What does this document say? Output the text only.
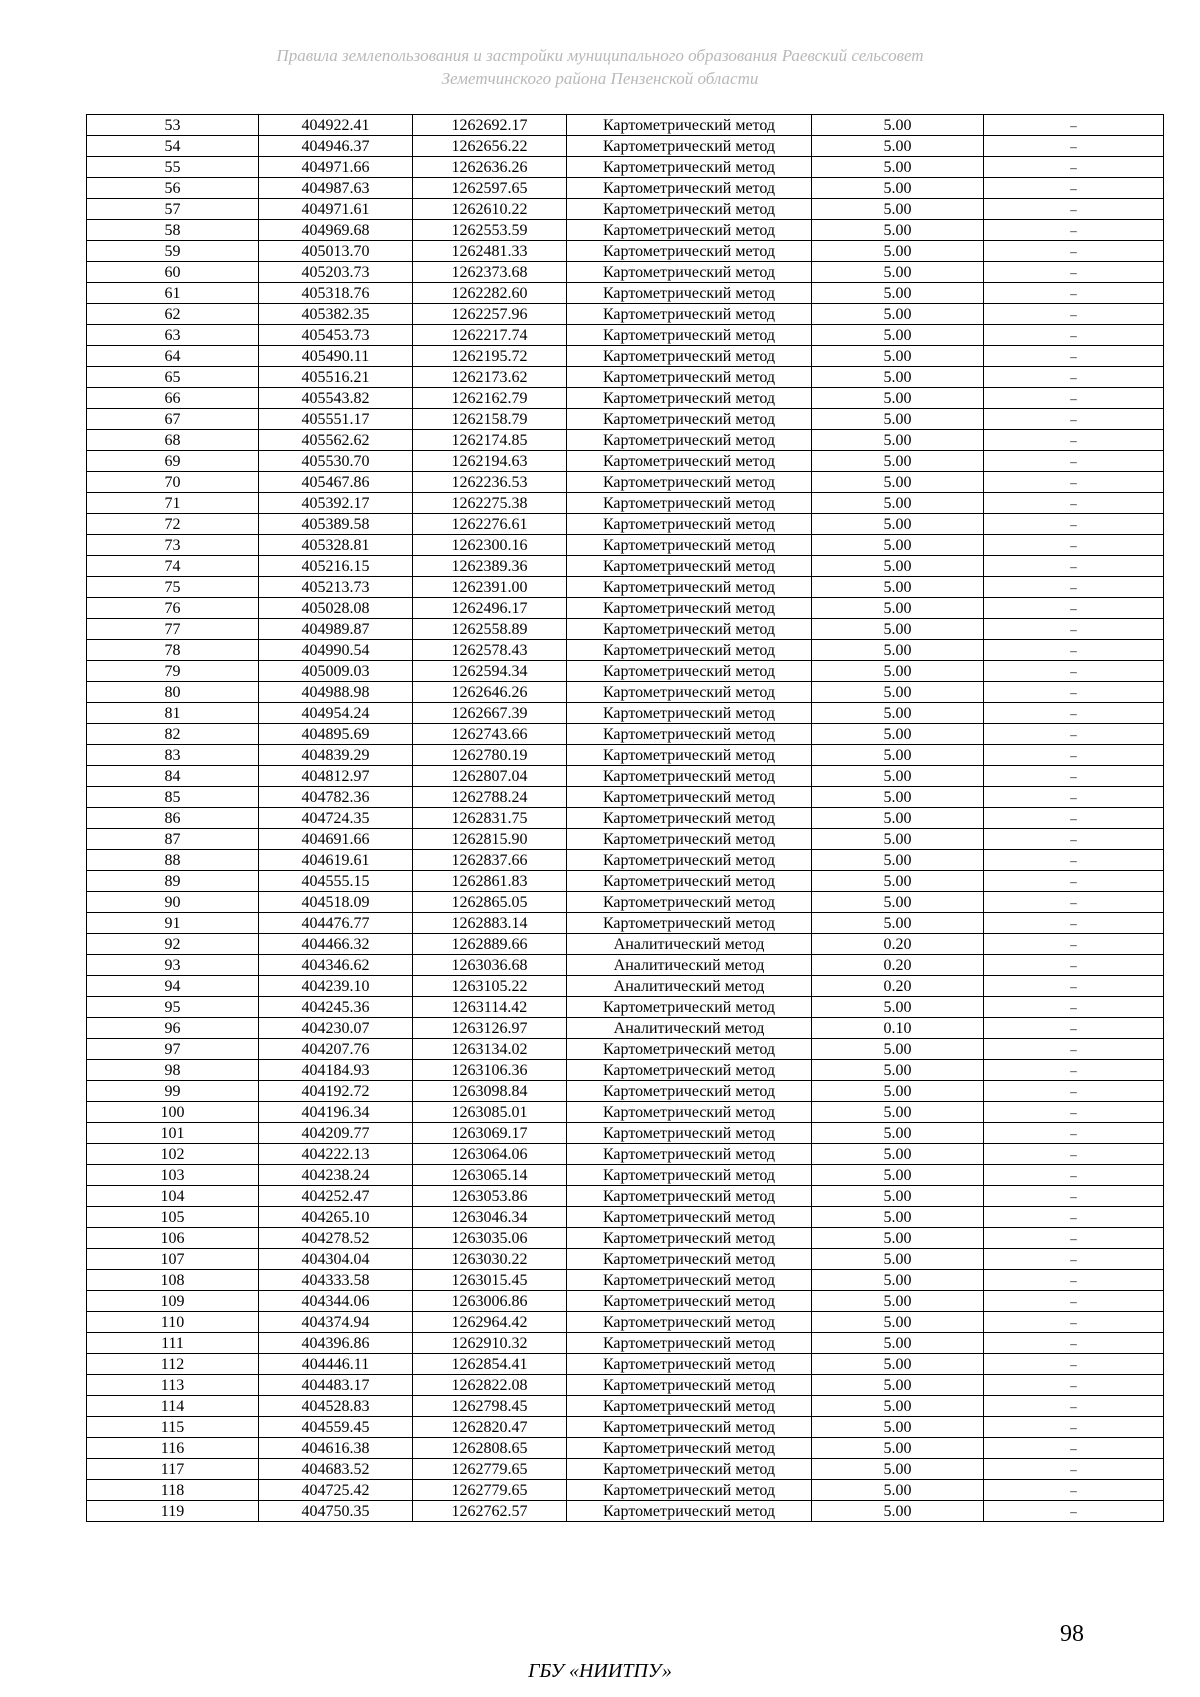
Правила землепользования и застройки муниципального образования Раевский сельсовет
Земетчинского района Пензенской области
53	404922.41	1262692.17	Картометрический метод	5.00	–
54	404946.37	1262656.22	Картометрический метод	5.00	–
55	404971.66	1262636.26	Картометрический метод	5.00	–
56	404987.63	1262597.65	Картометрический метод	5.00	–
57	404971.61	1262610.22	Картометрический метод	5.00	–
58	404969.68	1262553.59	Картометрический метод	5.00	–
59	405013.70	1262481.33	Картометрический метод	5.00	–
60	405203.73	1262373.68	Картометрический метод	5.00	–
61	405318.76	1262282.60	Картометрический метод	5.00	–
62	405382.35	1262257.96	Картометрический метод	5.00	–
63	405453.73	1262217.74	Картометрический метод	5.00	–
64	405490.11	1262195.72	Картометрический метод	5.00	–
65	405516.21	1262173.62	Картометрический метод	5.00	–
66	405543.82	1262162.79	Картометрический метод	5.00	–
67	405551.17	1262158.79	Картометрический метод	5.00	–
68	405562.62	1262174.85	Картометрический метод	5.00	–
69	405530.70	1262194.63	Картометрический метод	5.00	–
70	405467.86	1262236.53	Картометрический метод	5.00	–
71	405392.17	1262275.38	Картометрический метод	5.00	–
72	405389.58	1262276.61	Картометрический метод	5.00	–
73	405328.81	1262300.16	Картометрический метод	5.00	–
74	405216.15	1262389.36	Картометрический метод	5.00	–
75	405213.73	1262391.00	Картометрический метод	5.00	–
76	405028.08	1262496.17	Картометрический метод	5.00	–
77	404989.87	1262558.89	Картометрический метод	5.00	–
78	404990.54	1262578.43	Картометрический метод	5.00	–
79	405009.03	1262594.34	Картометрический метод	5.00	–
80	404988.98	1262646.26	Картометрический метод	5.00	–
81	404954.24	1262667.39	Картометрический метод	5.00	–
82	404895.69	1262743.66	Картометрический метод	5.00	–
83	404839.29	1262780.19	Картометрический метод	5.00	–
84	404812.97	1262807.04	Картометрический метод	5.00	–
85	404782.36	1262788.24	Картометрический метод	5.00	–
86	404724.35	1262831.75	Картометрический метод	5.00	–
87	404691.66	1262815.90	Картометрический метод	5.00	–
88	404619.61	1262837.66	Картометрический метод	5.00	–
89	404555.15	1262861.83	Картометрический метод	5.00	–
90	404518.09	1262865.05	Картометрический метод	5.00	–
91	404476.77	1262883.14	Картометрический метод	5.00	–
92	404466.32	1262889.66	Аналитический метод	0.20	–
93	404346.62	1263036.68	Аналитический метод	0.20	–
94	404239.10	1263105.22	Аналитический метод	0.20	–
95	404245.36	1263114.42	Картометрический метод	5.00	–
96	404230.07	1263126.97	Аналитический метод	0.10	–
97	404207.76	1263134.02	Картометрический метод	5.00	–
98	404184.93	1263106.36	Картометрический метод	5.00	–
99	404192.72	1263098.84	Картометрический метод	5.00	–
100	404196.34	1263085.01	Картометрический метод	5.00	–
101	404209.77	1263069.17	Картометрический метод	5.00	–
102	404222.13	1263064.06	Картометрический метод	5.00	–
103	404238.24	1263065.14	Картометрический метод	5.00	–
104	404252.47	1263053.86	Картометрический метод	5.00	–
105	404265.10	1263046.34	Картометрический метод	5.00	–
106	404278.52	1263035.06	Картометрический метод	5.00	–
107	404304.04	1263030.22	Картометрический метод	5.00	–
108	404333.58	1263015.45	Картометрический метод	5.00	–
109	404344.06	1263006.86	Картометрический метод	5.00	–
110	404374.94	1262964.42	Картометрический метод	5.00	–
111	404396.86	1262910.32	Картометрический метод	5.00	–
112	404446.11	1262854.41	Картометрический метод	5.00	–
113	404483.17	1262822.08	Картометрический метод	5.00	–
114	404528.83	1262798.45	Картометрический метод	5.00	–
115	404559.45	1262820.47	Картометрический метод	5.00	–
116	404616.38	1262808.65	Картометрический метод	5.00	–
117	404683.52	1262779.65	Картометрический метод	5.00	–
118	404725.42	1262779.65	Картометрический метод	5.00	–
119	404750.35	1262762.57	Картометрический метод	5.00	–
98
ГБУ «НИИТПУ»
